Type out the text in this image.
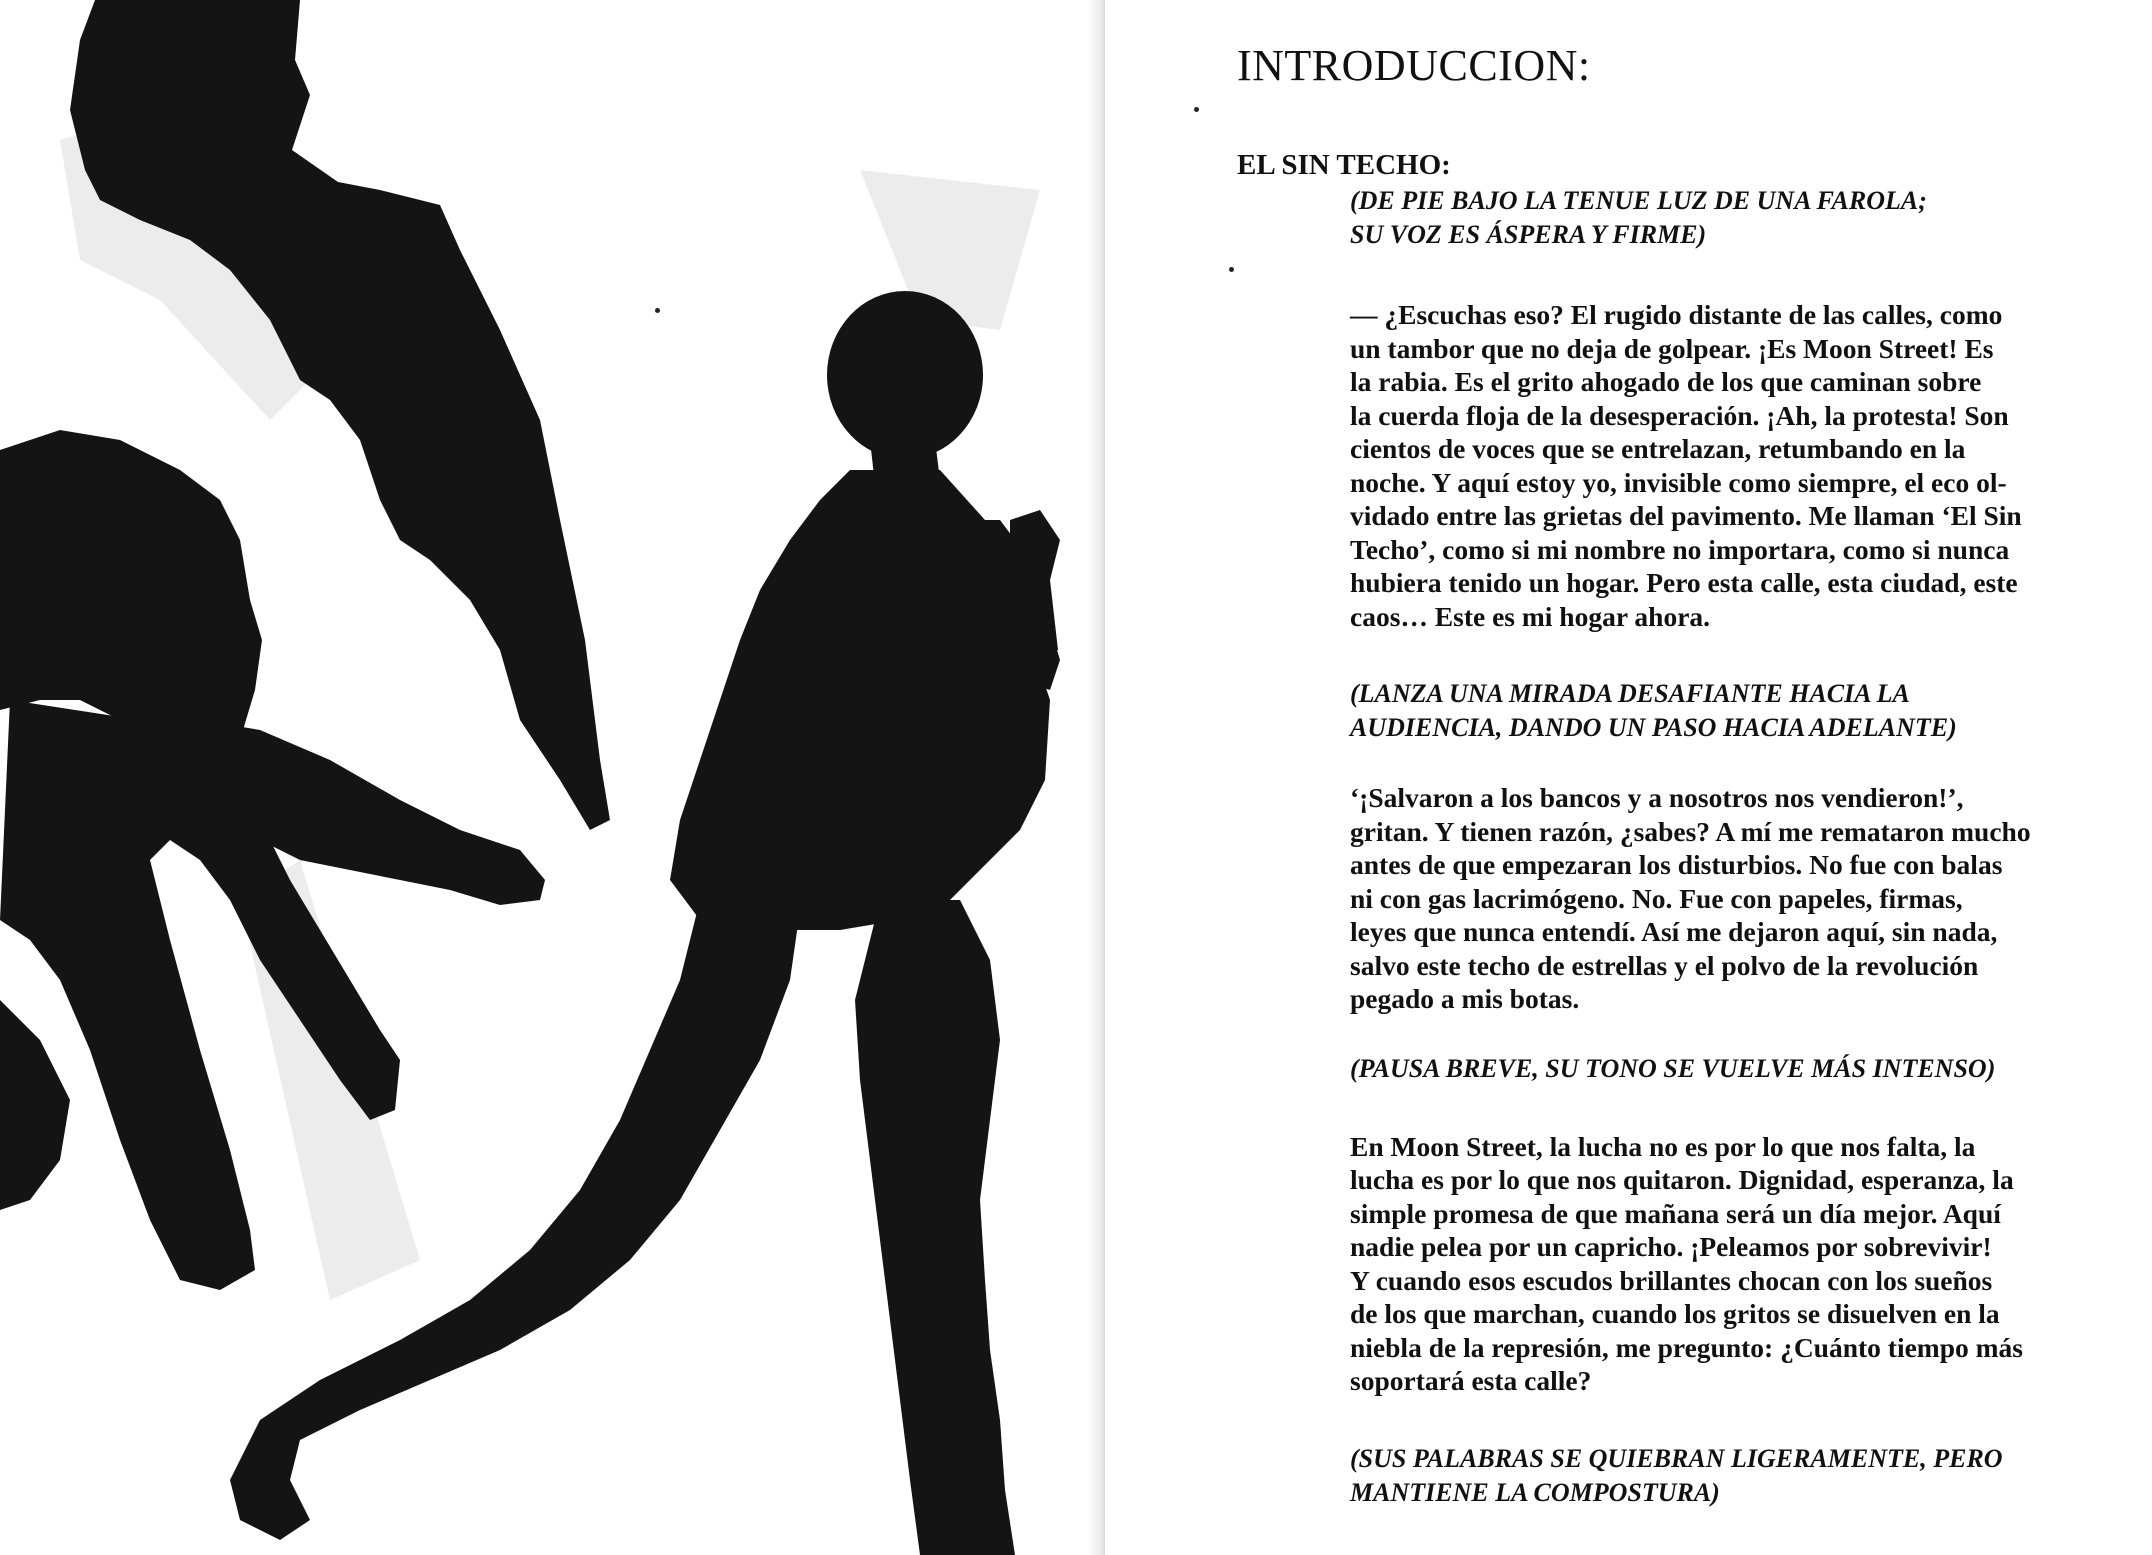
INTRODUCCION:
EL SIN TECHO:

(DE PIE BAJO LA TENUE LUZ DE UNA FAROLA;
SU VOZ ES ÁSPERA Y FIRME)

— ¿Escuchas eso? El rugido distante de las calles, como
un tambor que no deja de golpear. ¡Es Moon Street! Es
la rabia. Es el grito ahogado de los que caminan sobre
la cuerda floja de la desesperación. ¡Ah, la protesta! Son
cientos de voces que se entrelazan, retumbando en la
noche. Y aquí estoy yo, invisible como siempre, el eco ol-
vidado entre las grietas del pavimento. Me llaman ‘El Sin
Techo’, como si mi nombre no importara, como si nunca
hubiera tenido un hogar. Pero esta calle, esta ciudad, este
caos… Este es mi hogar ahora.

(LANZA UNA MIRADA DESAFIANTE HACIA LA
AUDIENCIA, DANDO UN PASO HACIA ADELANTE)

‘¡Salvaron a los bancos y a nosotros nos vendieron!’,
gritan. Y tienen razón, ¿sabes? A mí me remataron mucho
antes de que empezaran los disturbios. No fue con balas
ni con gas lacrimógeno. No. Fue con papeles, firmas,
leyes que nunca entendí. Así me dejaron aquí, sin nada,
salvo este techo de estrellas y el polvo de la revolución
pegado a mis botas.

(PAUSA BREVE, SU TONO SE VUELVE MÁS INTENSO)

En Moon Street, la lucha no es por lo que nos falta, la
lucha es por lo que nos quitaron. Dignidad, esperanza, la
simple promesa de que mañana será un día mejor. Aquí
nadie pelea por un capricho. ¡Peleamos por sobrevivir!
Y cuando esos escudos brillantes chocan con los sueños
de los que marchan, cuando los gritos se disuelven en la
niebla de la represión, me pregunto: ¿Cuánto tiempo más
soportará esta calle?

(SUS PALABRAS SE QUIEBRAN LIGERAMENTE, PERO
MANTIENE LA COMPOSTURA)
